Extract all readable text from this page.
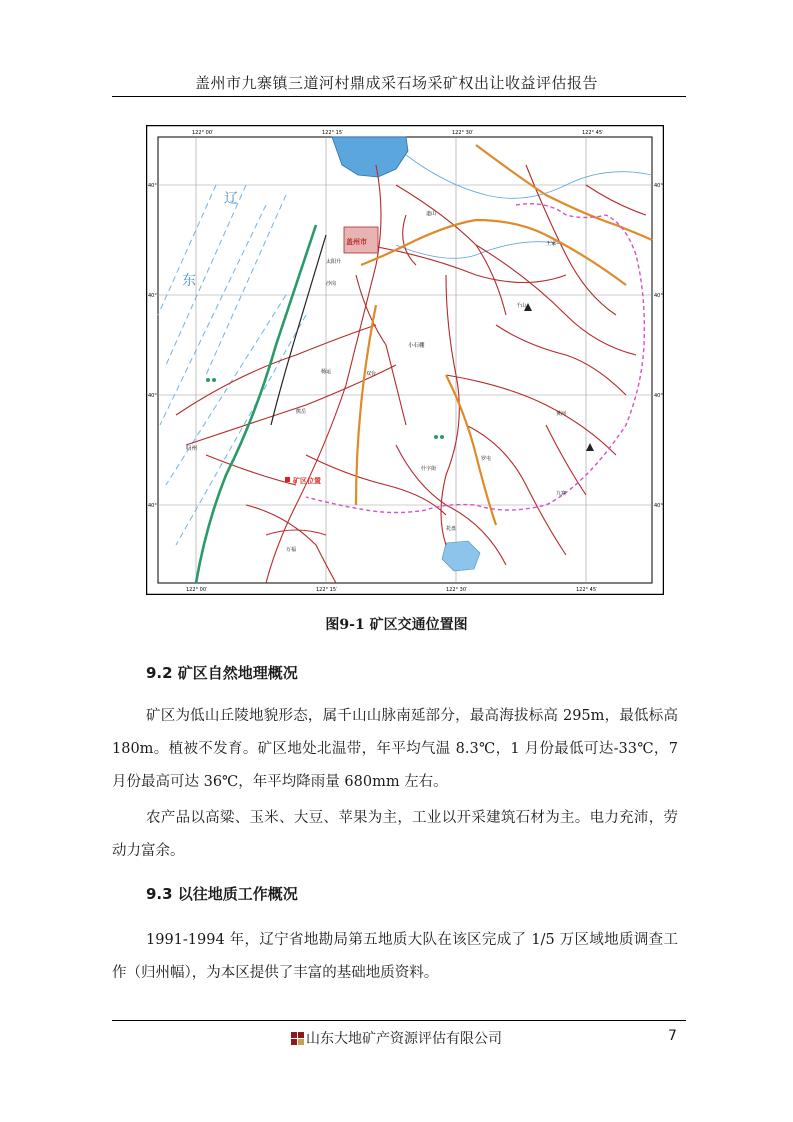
盖州市九寨镇三道河村鼎成采石场采矿权出让收益评估报告
122° 00′	122° 15′	122° 30′	122° 45′
122° 00′	122° 15′	122° 30′	122° 45′
40°
40°
40°
40°
40°
40°
40°
40°
辽
东
盖州市
矿区位置
小石棚
归州
太阳升
沙岗
杨运	双台
万福
罗屯
什字街
道山
熊岳	黄河
托盘
九寨
王家
千山
图9-1 矿区交通位置图
9.2 矿区自然地理概况
矿区为低山丘陵地貌形态，属千山山脉南延部分，最高海拔标高 295m，最低标高 180m。植被不发育。矿区地处北温带，年平均气温 8.3℃，1 月份最低可达-33℃，7 月份最高可达 36℃，年平均降雨量 680mm 左右。
农产品以高粱、玉米、大豆、苹果为主，工业以开采建筑石材为主。电力充沛，劳动力富余。
9.3 以往地质工作概况
1991-1994 年，辽宁省地勘局第五地质大队在该区完成了 1/5 万区域地质调查工作（归州幅），为本区提供了丰富的基础地质资料。
山东大地矿产资源评估有限公司	7
